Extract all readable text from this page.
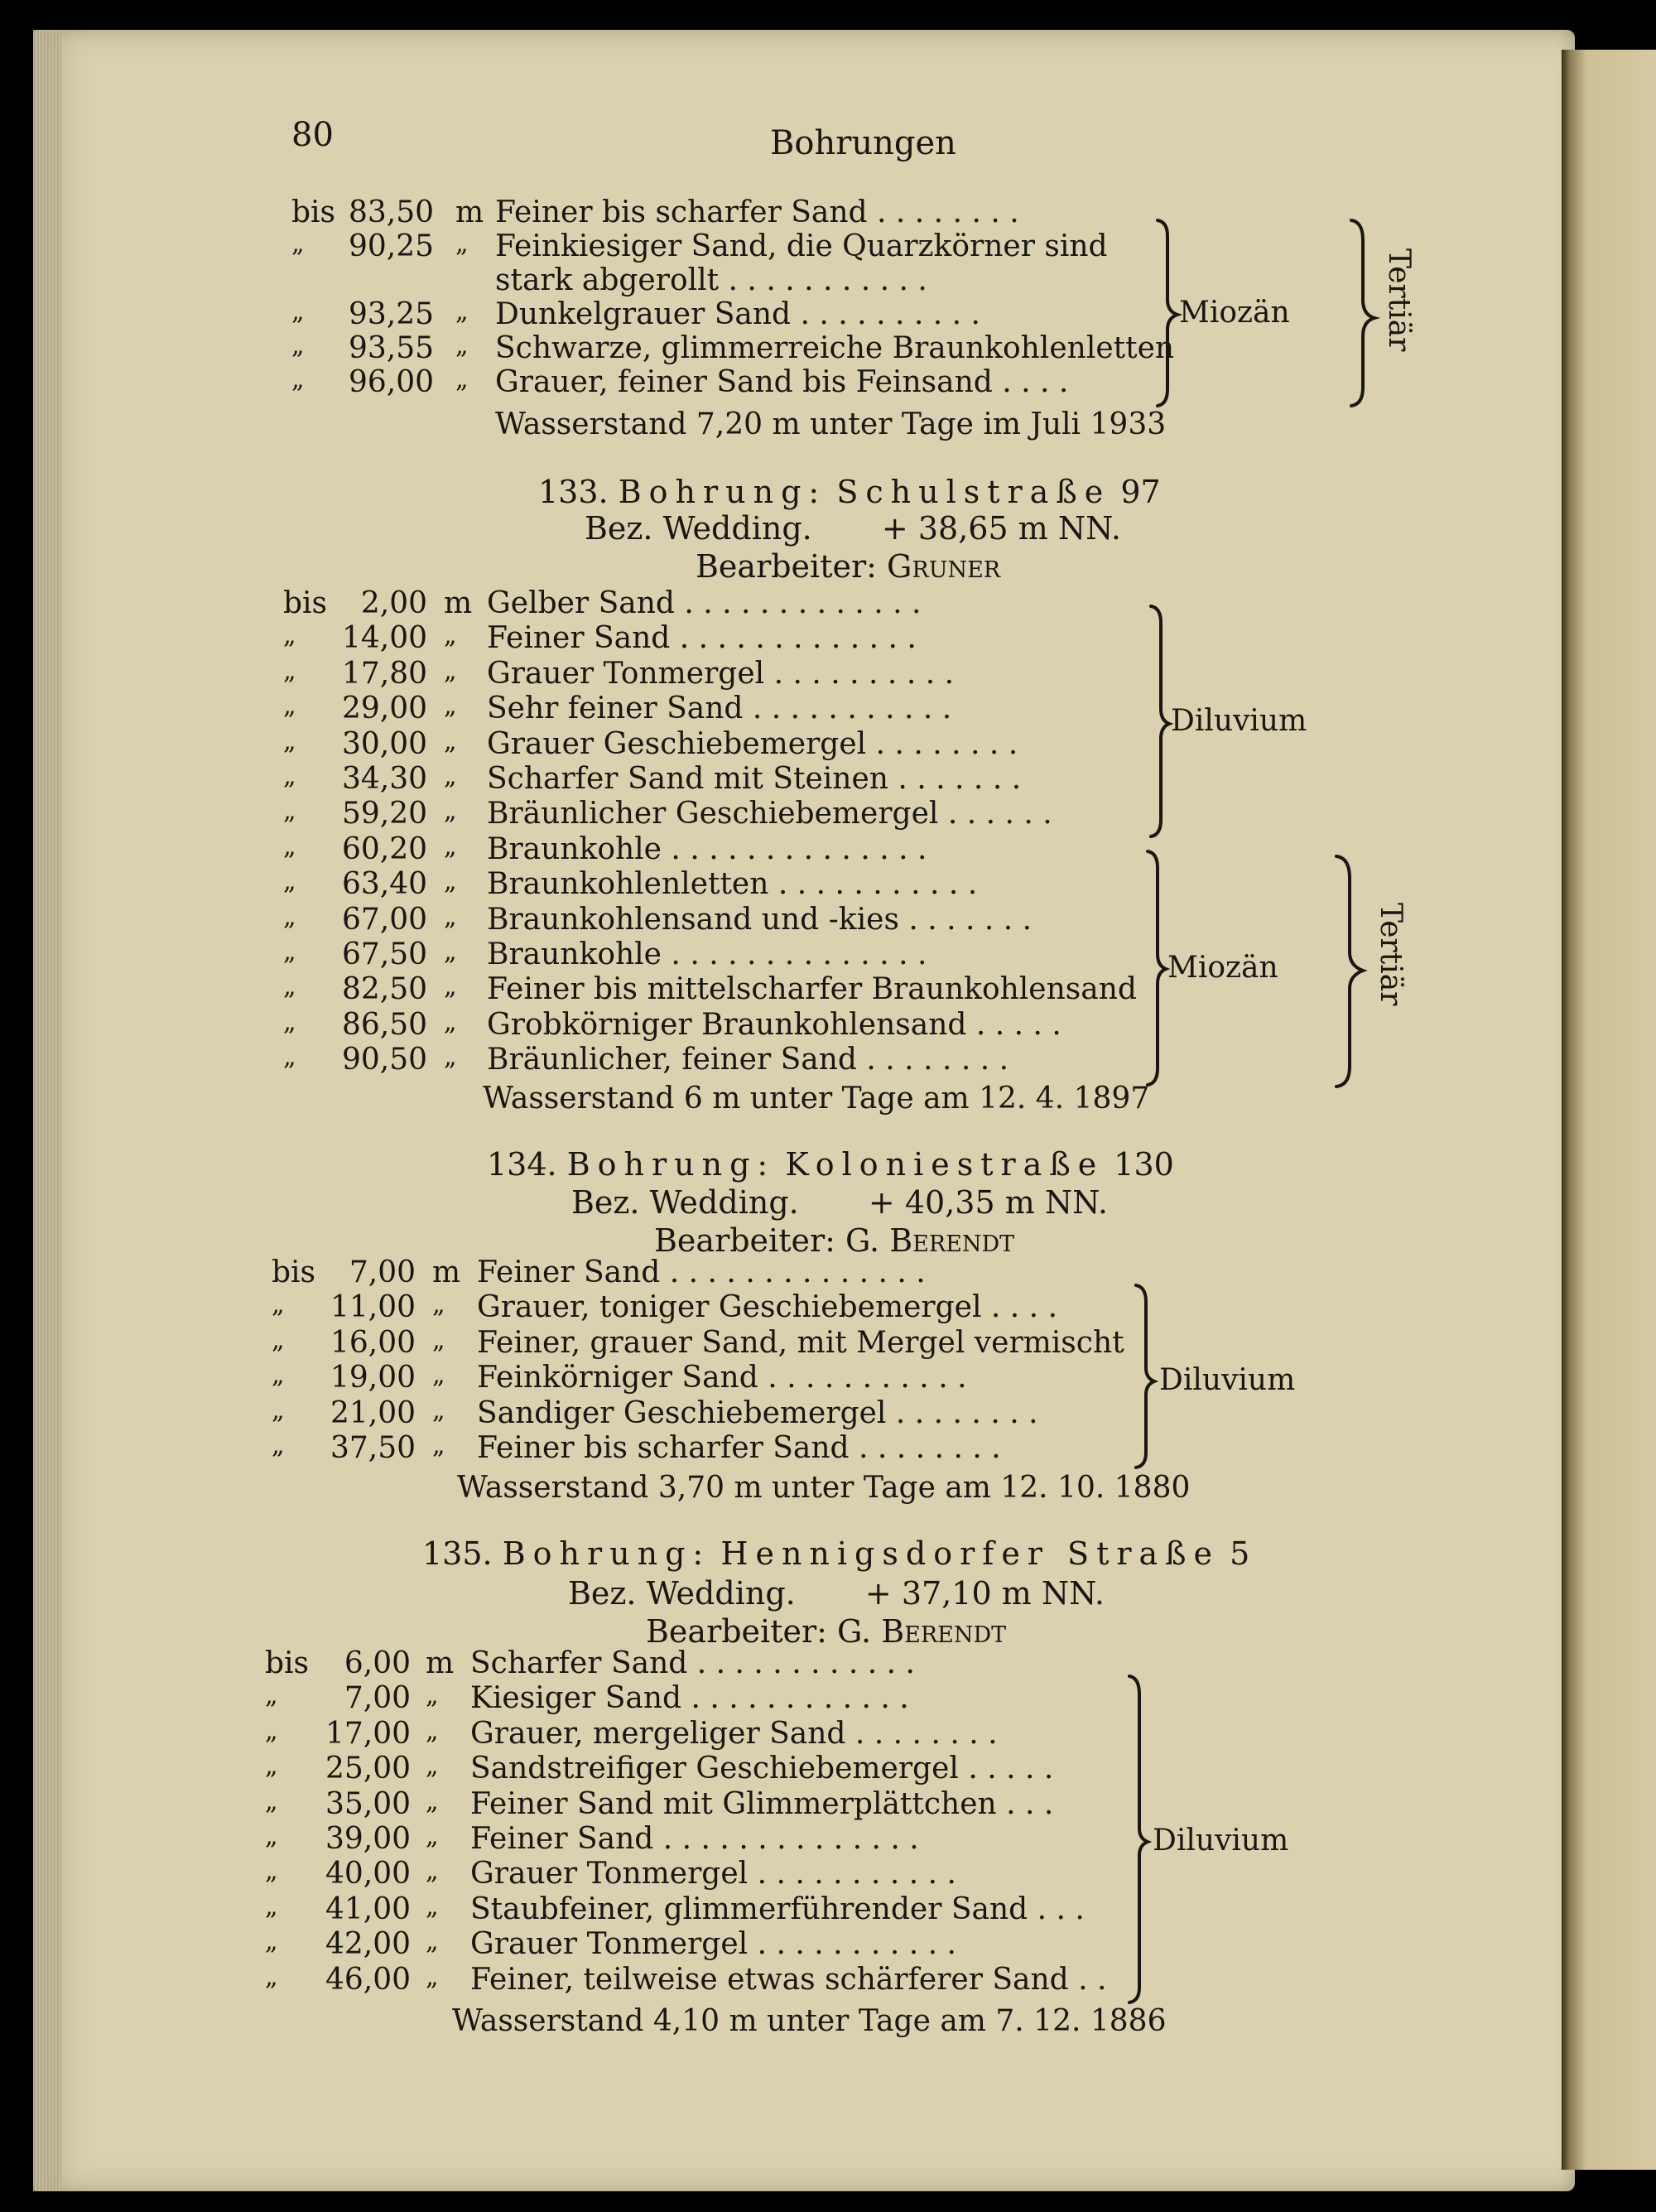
80	Bohrungen
bis 83,50 m Feiner bis scharfer Sand . . . . . . . .
„ 90,25 „ Feinkiesiger Sand, die Quarzkörner sind
stark abgerollt . . . . . . . . . . .
„ 93,25 „ Dunkelgrauer Sand . . . . . . . . . .
„ 93,55 „ Schwarze, glimmerreiche Braunkohlenletten
„ 96,00 „ Grauer, feiner Sand bis Feinsand . . . .
Wasserstand 7,20 m unter Tage im Juli 1933
Miozän	Tertiär
133. Bohrung: Schulstraße 97
Bez. Wedding. + 38,65 m NN.
Bearbeiter: Gruner
bis	2,00 m Gelber Sand . . . . . . . . . . . . .
„ 14,00 „ Feiner Sand . . . . . . . . . . . . .
„ 17,80 „ Grauer Tonmergel . . . . . . . . . .
„ 29,00 „ Sehr feiner Sand . . . . . . . . . . .
„ 30,00 „ Grauer Geschiebemergel . . . . . . . .
„ 34,30 „ Scharfer Sand mit Steinen . . . . . . .
„ 59,20 „ Bräunlicher Geschiebemergel . . . . . .
„ 60,20 „ Braunkohle . . . . . . . . . . . . . .
„ 63,40 „ Braunkohlenletten . . . . . . . . . . .
„ 67,00 „ Braunkohlensand und -kies . . . . . . .
„ 67,50 „ Braunkohle . . . . . . . . . . . . . .
„ 82,50 „ Feiner bis mittelscharfer Braunkohlensand
„ 86,50 „ Grobkörniger Braunkohlensand . . . . .
„ 90,50 „ Bräunlicher, feiner Sand . . . . . . . .
Wasserstand 6 m unter Tage am 12. 4. 1897
Diluvium
Miozän	Tertiär
134. Bohrung: Koloniestraße 130
Bez. Wedding. + 40,35 m NN.
Bearbeiter: G. Berendt
bis	7,00 m Feiner Sand . . . . . . . . . . . . . .
„ 11,00 „ Grauer, toniger Geschiebemergel . . . .
„ 16,00 „ Feiner, grauer Sand, mit Mergel vermischt
„ 19,00 „ Feinkörniger Sand . . . . . . . . . . .
„ 21,00 „ Sandiger Geschiebemergel . . . . . . . .
„ 37,50 „ Feiner bis scharfer Sand . . . . . . . .
Wasserstand 3,70 m unter Tage am 12. 10. 1880
Diluvium
135. Bohrung: Hennigsdorfer Straße 5
Bez. Wedding. + 37,10 m NN.
Bearbeiter: G. Berendt
bis	6,00 m Scharfer Sand . . . . . . . . . . . .
„	7,00 „ Kiesiger Sand . . . . . . . . . . . .
„ 17,00 „ Grauer, mergeliger Sand . . . . . . . .
„ 25,00 „ Sandstreifiger Geschiebemergel . . . . .
„ 35,00 „ Feiner Sand mit Glimmerplättchen . . .
„ 39,00 „ Feiner Sand . . . . . . . . . . . . . .
„ 40,00 „ Grauer Tonmergel . . . . . . . . . . .
„ 41,00 „ Staubfeiner, glimmerführender Sand . . .
„ 42,00 „ Grauer Tonmergel . . . . . . . . . . .
„ 46,00 „ Feiner, teilweise etwas schärferer Sand . .
Wasserstand 4,10 m unter Tage am 7. 12. 1886
Diluvium
